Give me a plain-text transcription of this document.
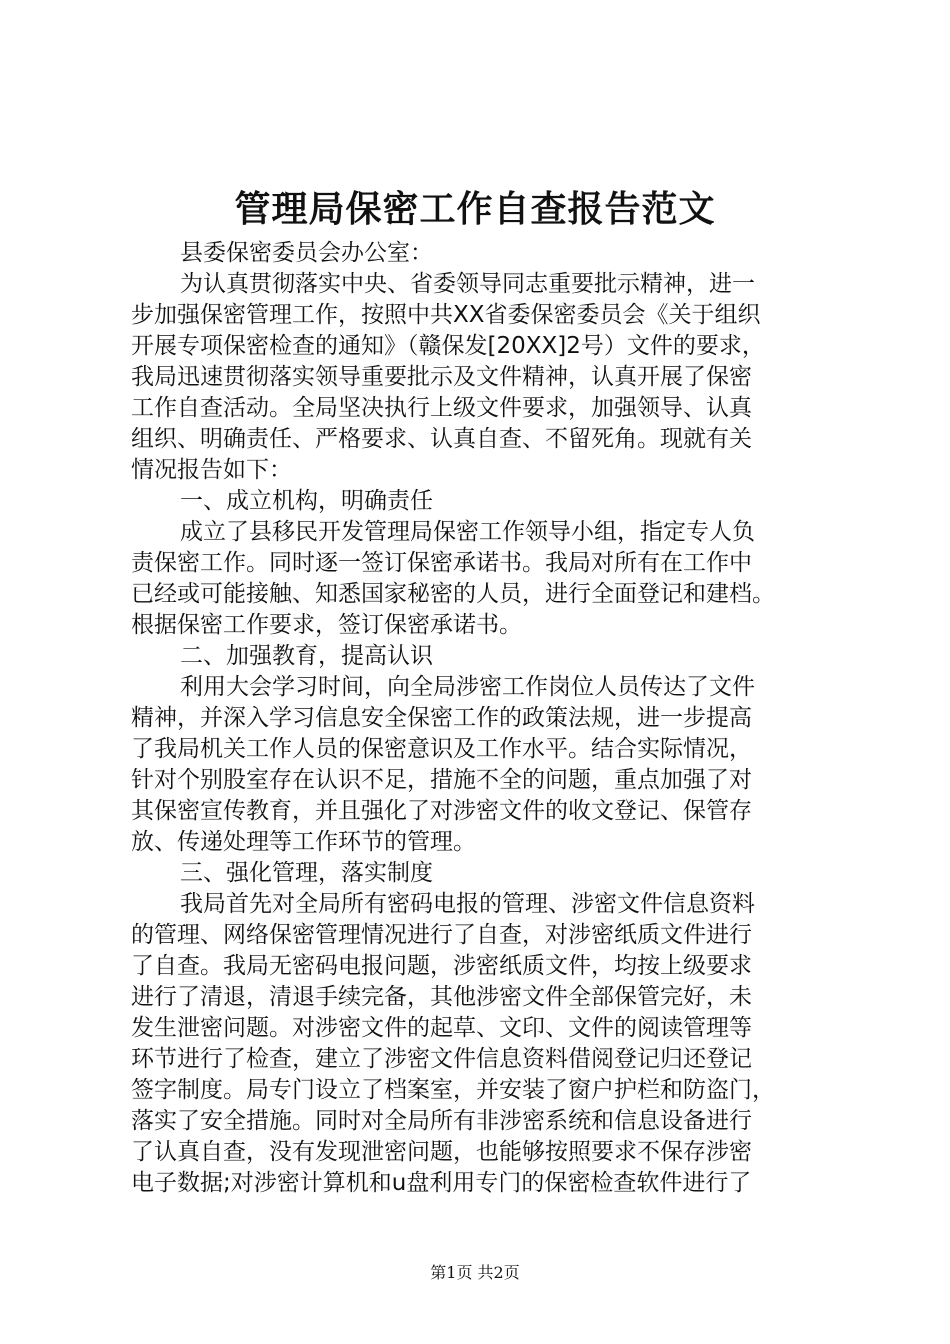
管理局保密工作自查报告范文
县委保密委员会办公室：
为认真贯彻落实中央、省委领导同志重要批示精神，进一
步加强保密管理工作，按照中共XX省委保密委员会《关于组织
开展专项保密检查的通知》（赣保发[20XX]2号）文件的要求，
我局迅速贯彻落实领导重要批示及文件精神，认真开展了保密
工作自查活动。全局坚决执行上级文件要求，加强领导、认真
组织、明确责任、严格要求、认真自查、不留死角。现就有关
情况报告如下：
一、成立机构，明确责任
成立了县移民开发管理局保密工作领导小组，指定专人负
责保密工作。同时逐一签订保密承诺书。我局对所有在工作中
已经或可能接触、知悉国家秘密的人员，进行全面登记和建档。
根据保密工作要求，签订保密承诺书。
二、加强教育，提高认识
利用大会学习时间，向全局涉密工作岗位人员传达了文件
精神，并深入学习信息安全保密工作的政策法规，进一步提高
了我局机关工作人员的保密意识及工作水平。结合实际情况，
针对个别股室存在认识不足，措施不全的问题，重点加强了对
其保密宣传教育，并且强化了对涉密文件的收文登记、保管存
放、传递处理等工作环节的管理。
三、强化管理，落实制度
我局首先对全局所有密码电报的管理、涉密文件信息资料
的管理、网络保密管理情况进行了自查，对涉密纸质文件进行
了自查。我局无密码电报问题，涉密纸质文件，均按上级要求
进行了清退，清退手续完备，其他涉密文件全部保管完好，未
发生泄密问题。对涉密文件的起草、文印、文件的阅读管理等
环节进行了检查，建立了涉密文件信息资料借阅登记归还登记
签字制度。局专门设立了档案室，并安装了窗户护栏和防盗门，
落实了安全措施。同时对全局所有非涉密系统和信息设备进行
了认真自查，没有发现泄密问题，也能够按照要求不保存涉密
电子数据;对涉密计算机和u盘利用专门的保密检查软件进行了
第1页 共2页
